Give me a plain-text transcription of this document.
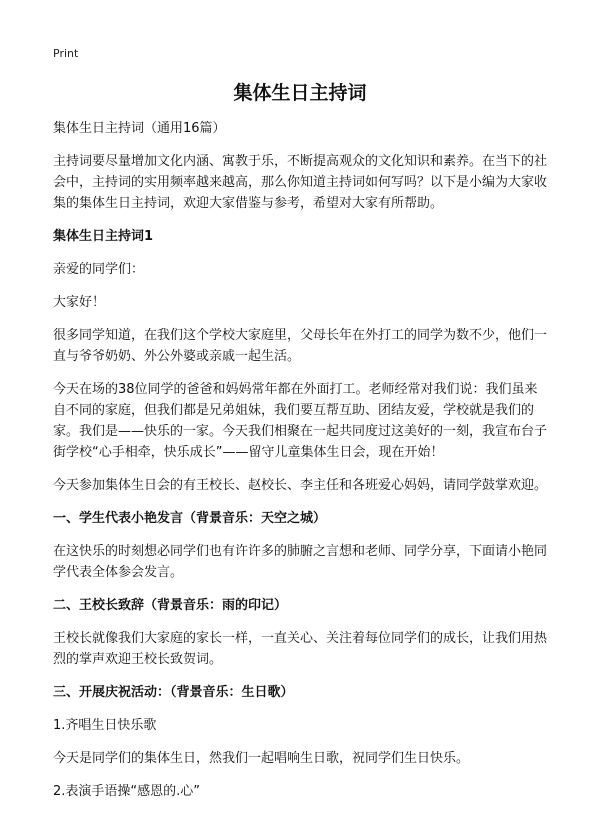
Print
集体生日主持词

集体生日主持词（通用16篇）

主持词要尽量增加文化内涵、寓教于乐，不断提高观众的文化知识和素养。在当下的社会中，主持词的实用频率越来越高，那么你知道主持词如何写吗？以下是小编为大家收集的集体生日主持词，欢迎大家借鉴与参考，希望对大家有所帮助。

集体生日主持词1

亲爱的同学们：

大家好！

很多同学知道，在我们这个学校大家庭里，父母长年在外打工的同学为数不少，他们一直与爷爷奶奶、外公外婆或亲戚一起生活。

今天在场的38位同学的爸爸和妈妈常年都在外面打工。老师经常对我们说：我们虽来自不同的家庭，但我们都是兄弟姐妹，我们要互帮互助、团结友爱，学校就是我们的家。我们是——快乐的一家。今天我们相聚在一起共同度过这美好的一刻，我宣布台子街学校“心手相牵，快乐成长”——留守儿童集体生日会，现在开始！

今天参加集体生日会的有王校长、赵校长、李主任和各班爱心妈妈，请同学鼓掌欢迎。

一、学生代表小艳发言（背景音乐：天空之城）

在这快乐的时刻想必同学们也有许许多的肺腑之言想和老师、同学分享，下面请小艳同学代表全体参会发言。

二、王校长致辞（背景音乐：雨的印记）

王校长就像我们大家庭的家长一样，一直关心、关注着每位同学们的成长，让我们用热烈的掌声欢迎王校长致贺词。

三、开展庆祝活动：（背景音乐：生日歌）

1.齐唱生日快乐歌

今天是同学们的集体生日，然我们一起唱响生日歌，祝同学们生日快乐。

2.表演手语操“感恩的.心”
